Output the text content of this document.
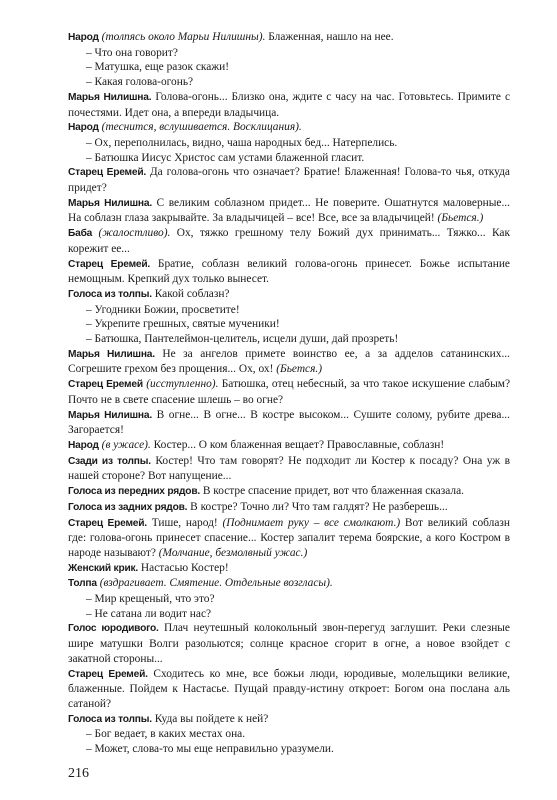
Народ (толпясь около Марьи Нилишны). Блаженная, нашло на нее.

– Что она говорит?

– Матушка, еще разок скажи!

– Какая голова-огонь?

Марья Нилишна. Голова-огонь... Близко она, ждите с часу на час. Готовьтесь. Примите с почестями. Идет она, а впереди владычица.

Народ (теснится, вслушивается. Восклицания).

– Ох, переполнилась, видно, чаша народных бед... Натерпелись.

– Батюшка Иисус Христос сам устами блаженной гласит.

Старец Еремей. Да голова-огонь что означает? Братие! Блаженная! Голова-то чья, откуда придет?

Марья Нилишна. С великим соблазном придет... Не поверите. Ошатнутся маловерные... На соблазн глаза закрывайте. За владычицей – все! Все, все за владычицей! (Бьется.)

Баба (жалостливо). Ох, тяжко грешному телу Божий дух принимать... Тяжко... Как корежит ее...

Старец Еремей. Братие, соблазн великий голова-огонь принесет. Божье испытание немощным. Крепкий дух только вынесет.

Голоса из толпы. Какой соблазн?

– Угодники Божии, просветите!

– Укрепите грешных, святые мученики!

– Батюшка, Пантелеймон-целитель, исцели души, дай прозреть!

Марья Нилишна. Не за ангелов примете воинство ее, а за адделов сатанинских... Согрешите грехом без прощения... Ох, ох! (Бьется.)

Старец Еремей (исступленно). Батюшка, отец небесный, за что такое искушение слабым? Почто не в свете спасение шлешь – во огне?

Марья Нилишна. В огне... В огне... В костре высоком... Сушите солому, рубите древа... Загорается!

Народ (в ужасе). Костер... О ком блаженная вещает? Православные, соблазн!

Сзади из толпы. Костер! Что там говорят? Не подходит ли Костер к посаду? Она уж в нашей стороне? Вот напущение...

Голоса из передних рядов. В костре спасение придет, вот что блаженная сказала.

Голоса из задних рядов. В костре? Точно ли? Что там галдят? Не разберешь...

Старец Еремей. Тише, народ! (Поднимает руку – все смолкают.) Вот великий соблазн где: голова-огонь принесет спасение... Костер запалит терема боярские, а кого Костром в народе называют? (Молчание, безмолвный ужас.)

Женский крик. Настасью Костер!

Толпа (вздрагивает. Смятение. Отдельные возгласы).

– Мир крещеный, что это?

– Не сатана ли водит нас?

Голос юродивого. Плач неутешный колокольный звон-перегуд заглушит. Реки слезные шире матушки Волги разольются; солнце красное сгорит в огне, а новое взойдет с закатной стороны...

Старец Еремей. Сходитесь ко мне, все божьи люди, юродивые, молельщики великие, блаженные. Пойдем к Настасье. Пущай правду-истину откроет: Богом она послана аль сатаной?

Голоса из толпы. Куда вы пойдете к ней?

– Бог ведает, в каких местах она.

– Может, слова-то мы еще неправильно уразумели.

216
